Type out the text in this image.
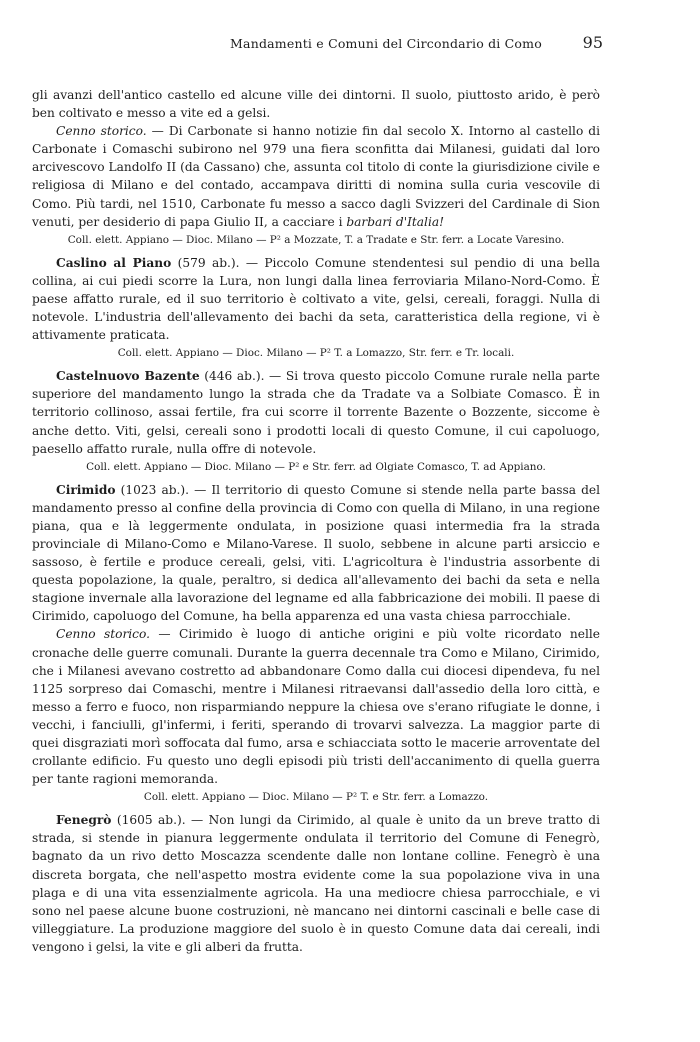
Mandamenti e Comuni del Circondario di Como	95

gli avanzi dell'antico castello ed alcune ville dei dintorni. Il suolo, piuttosto arido, è però ben coltivato e messo a vite ed a gelsi.

Cenno storico. — Di Carbonate si hanno notizie fin dal secolo X. Intorno al castello di Carbonate i Comaschi subirono nel 979 una fiera sconfitta dai Milanesi, guidati dal loro arcivescovo Landolfo II (da Cassano) che, assunta col titolo di conte la giurisdizione civile e religiosa di Milano e del contado, accampava diritti di nomina sulla curia vescovile di Como. Più tardi, nel 1510, Carbonate fu messo a sacco dagli Svizzeri del Cardinale di Sion venuti, per desiderio di papa Giulio II, a cacciare i barbari d'Italia!

Coll. elett. Appiano — Dioc. Milano — P² a Mozzate, T. a Tradate e Str. ferr. a Locate Varesino.

Caslino al Piano (579 ab.). — Piccolo Comune stendentesi sul pendio di una bella collina, ai cui piedi scorre la Lura, non lungi dalla linea ferroviaria Milano-Nord-Como. È paese affatto rurale, ed il suo territorio è coltivato a vite, gelsi, cereali, foraggi. Nulla di notevole. L'industria dell'allevamento dei bachi da seta, caratteristica della regione, vi è attivamente praticata.

Coll. elett. Appiano — Dioc. Milano — P² T. a Lomazzo, Str. ferr. e Tr. locali.

Castelnuovo Bazente (446 ab.). — Si trova questo piccolo Comune rurale nella parte superiore del mandamento lungo la strada che da Tradate va a Solbiate Comasco. È in territorio collinoso, assai fertile, fra cui scorre il torrente Bazente o Bozzente, siccome è anche detto. Viti, gelsi, cereali sono i prodotti locali di questo Comune, il cui capoluogo, paesello affatto rurale, nulla offre di notevole.

Coll. elett. Appiano — Dioc. Milano — P² e Str. ferr. ad Olgiate Comasco, T. ad Appiano.

Cirimido (1023 ab.). — Il territorio di questo Comune si stende nella parte bassa del mandamento presso al confine della provincia di Como con quella di Milano, in una regione piana, qua e là leggermente ondulata, in posizione quasi intermedia fra la strada provinciale di Milano-Como e Milano-Varese. Il suolo, sebbene in alcune parti arsiccio e sassoso, è fertile e produce cereali, gelsi, viti. L'agricoltura è l'industria assorbente di questa popolazione, la quale, peraltro, si dedica all'allevamento dei bachi da seta e nella stagione invernale alla lavorazione del legname ed alla fabbricazione dei mobili. Il paese di Cirimido, capoluogo del Comune, ha bella apparenza ed una vasta chiesa parrocchiale.

Cenno storico. — Cirimido è luogo di antiche origini e più volte ricordato nelle cronache delle guerre comunali. Durante la guerra decennale tra Como e Milano, Cirimido, che i Milanesi avevano costretto ad abbandonare Como dalla cui diocesi dipendeva, fu nel 1125 sorpreso dai Comaschi, mentre i Milanesi ritraevansi dall'assedio della loro città, e messo a ferro e fuoco, non risparmiando neppure la chiesa ove s'erano rifugiate le donne, i vecchi, i fanciulli, gl'infermi, i feriti, sperando di trovarvi salvezza. La maggior parte di quei disgraziati morì soffocata dal fumo, arsa e schiacciata sotto le macerie arroventate del crollante edificio. Fu questo uno degli episodi più tristi dell'accanimento di quella guerra per tante ragioni memoranda.

Coll. elett. Appiano — Dioc. Milano — P² T. e Str. ferr. a Lomazzo.

Fenegrò (1605 ab.). — Non lungi da Cirimido, al quale è unito da un breve tratto di strada, si stende in pianura leggermente ondulata il territorio del Comune di Fenegrò, bagnato da un rivo detto Moscazza scendente dalle non lontane colline. Fenegrò è una discreta borgata, che nell'aspetto mostra evidente come la sua popolazione viva in una plaga e di una vita essenzialmente agricola. Ha una mediocre chiesa parrocchiale, e vi sono nel paese alcune buone costruzioni, nè mancano nei dintorni cascinali e belle case di villeggiature. La produzione maggiore del suolo è in questo Comune data dai cereali, indi vengono i gelsi, la vite e gli alberi da frutta.
